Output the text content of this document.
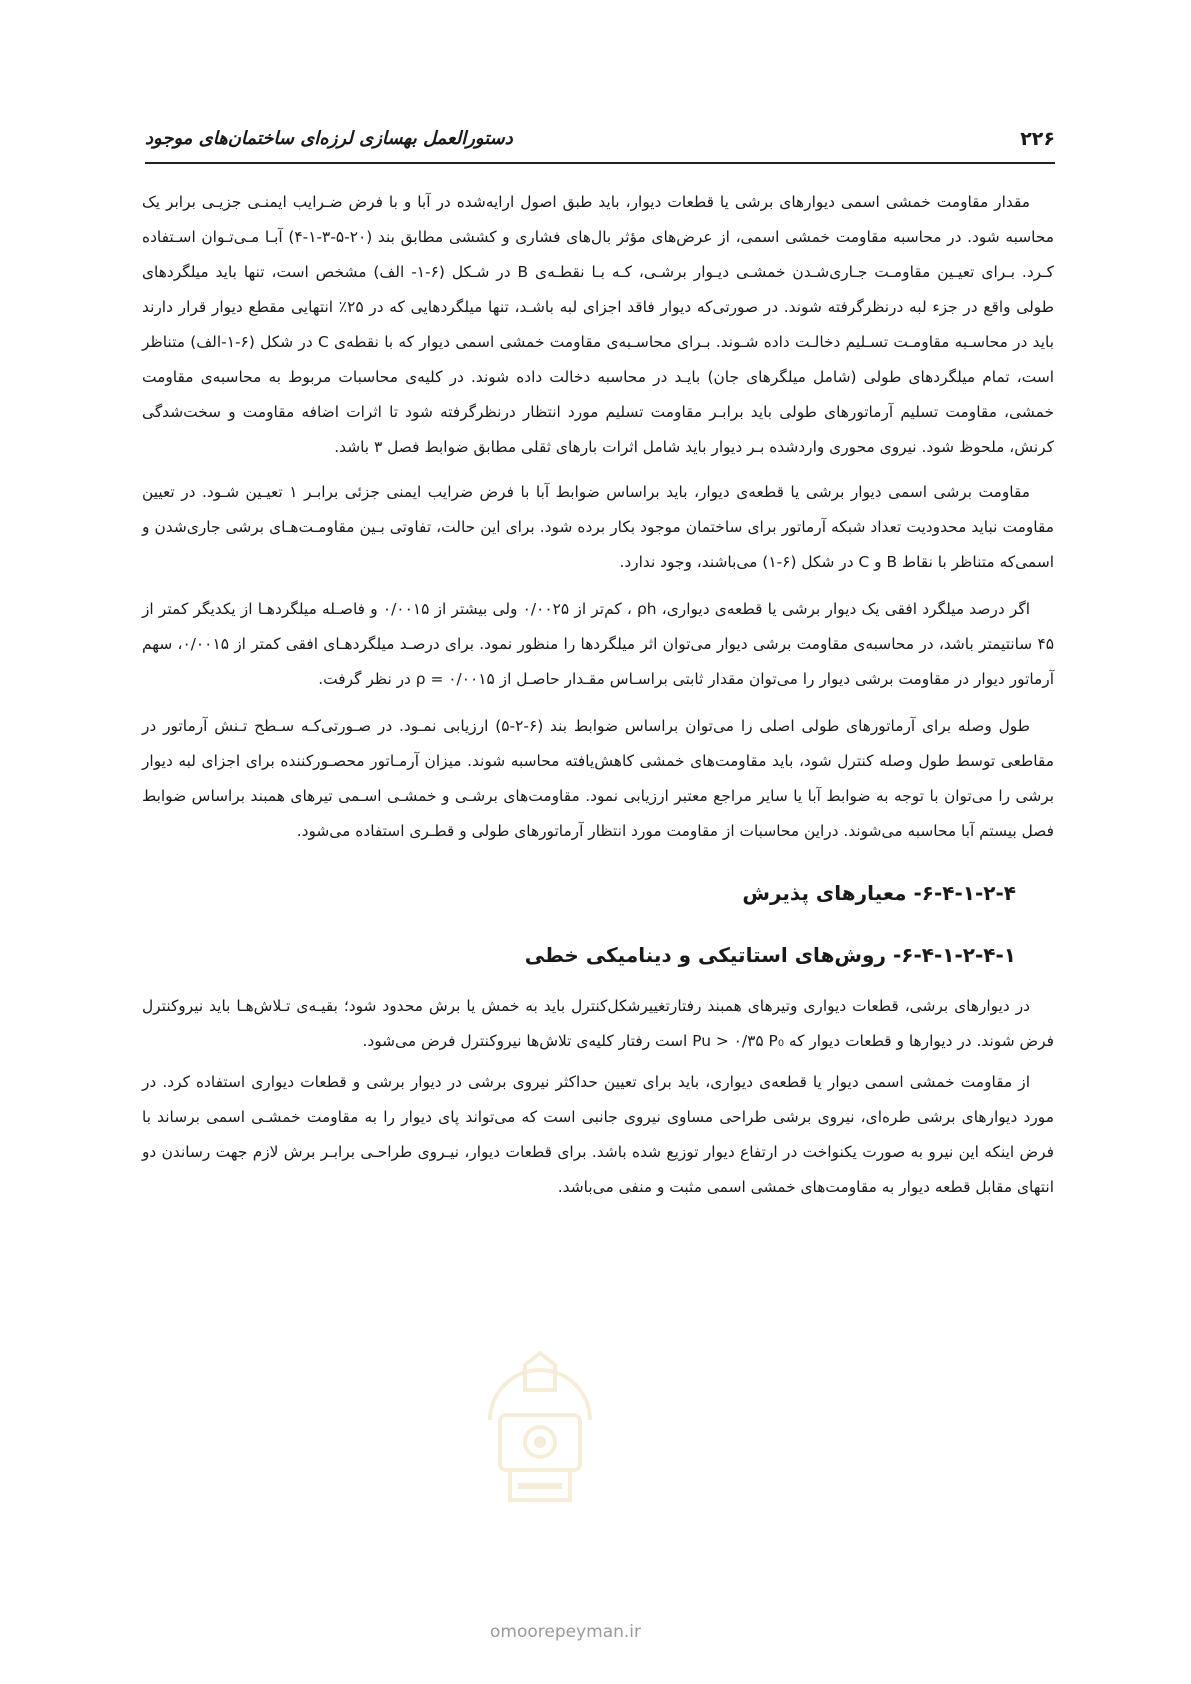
دستورالعمل بهسازی لرزه‌ای ساختمان‌های موجود	۲۲۶

مقدار مقاومت خمشی اسمی دیوارهای برشی یا قطعات دیوار، باید طبق اصول ارایه‌شده در آبا و با فرض ضـرایب ایمنـی جزیـی برابر یک محاسبه شود. در محاسبه مقاومت خمشی اسمی، از عرض‌های مؤثر بال‌های فشاری و کششی مطابق بند (۲۰-۵-۳-۱-۴) آبـا مـی‌تـوان اسـتفاده کـرد. بـرای تعیـین مقاومـت جـاری‌شـدن خمشـی دیـوار برشـی، کـه بـا نقطـه‌ی B در شـکل (۶-۱- الف) مشخص است، تنها باید میلگردهای طولی واقع در جزء لبه درنظرگرفته شوند. در صورتی‌که دیوار فاقد اجزای لبه باشـد، تنها میلگردهایی که در ۲۵٪ انتهایی مقطع دیوار قرار دارند باید در محاسـبه مقاومـت تسـلیم دخالـت داده شـوند. بـرای محاسـبه‌ی مقاومت خمشی اسمی دیوار که با نقطه‌ی C در شکل (۶-۱-الف) متناظر است، تمام میلگردهای طولی (شامل میلگرهای جان) بایـد در محاسبه دخالت داده شوند. در کلیه‌ی محاسبات مربوط به محاسبه‌ی مقاومت خمشی، مقاومت تسلیم آرماتورهای طولی باید برابـر مقاومت تسلیم مورد انتظار درنظرگرفته شود تا اثرات اضافه مقاومت و سخت‌شدگی کرنش، ملحوظ شود. نیروی محوری واردشده بـر دیوار باید شامل اثرات بارهای ثقلی مطابق ضوابط فصل ۳ باشد.

مقاومت برشی اسمی دیوار برشی یا قطعه‌ی دیوار، باید براساس ضوابط آبا با فرض ضرایب ایمنی جزئی برابـر ۱ تعیـین شـود. در تعیین مقاومت نباید محدودیت تعداد شبکه آرماتور برای ساختمان موجود بکار برده شود. برای این حالت، تفاوتی بـین مقاومـت‌هـای برشی جاری‌شدن و اسمی‌که متناظر با نقاط B و C در شکل (۶-۱) می‌باشند، وجود ندارد.

اگر درصد میلگرد افقی یک دیوار برشی یا قطعه‌ی دیواری، ρh ، کم‌تر از ۰/۰۰۲۵ ولی بیشتر از ۰/۰۰۱۵ و فاصـله میلگردهـا از یکدیگر کمتر از ۴۵ سانتیمتر باشد، در محاسبه‌ی مقاومت برشی دیوار می‌توان اثر میلگردها را منظور نمود. برای درصـد میلگردهـای افقی کمتر از ۰/۰۰۱۵، سهم آرماتور دیوار در مقاومت برشی دیوار را می‌توان مقدار ثابتی براسـاس مقـدار حاصـل از ρ = ۰/۰۰۱۵ در نظر گرفت.

طول وصله برای آرماتورهای طولی اصلی را می‌توان براساس ضوابط بند (۶-۲-۵) ارزیابی نمـود. در صـورتی‌کـه سـطح تـنش آرماتور در مقاطعی توسط طول وصله کنترل شود، باید مقاومت‌های خمشی کاهش‌یافته محاسبه شوند. میزان آرمـاتور محصـورکننده برای اجزای لبه دیوار برشی را می‌توان با توجه به ضوابط آبا یا سایر مراجع معتبر ارزیابی نمود. مقاومت‌های برشـی و خمشـی اسـمی تیرهای همبند براساس ضوابط فصل بیستم آبا محاسبه می‌شوند. دراین محاسبات از مقاومت مورد انتظار آرماتورهای طولی و قطـری استفاده می‌شود.

۶-۴-۱-۲-۴- معیارهای پذیرش
۶-۴-۱-۲-۴-۱- روش‌های استاتیکی و دینامیکی خطی

در دیوارهای برشی، قطعات دیواری وتیرهای همبند رفتارتغییرشکل‌کنترل باید به خمش یا برش محدود شود؛ بقیـه‌ی تـلاش‌هـا باید نیروکنترل فرض شوند. در دیوارها و قطعات دیوار که Pu > ۰/۳۵ P₀ است رفتار کلیه‌ی تلاش‌ها نیروکنترل فرض می‌شود.

از مقاومت خمشی اسمی دیوار یا قطعه‌ی دیواری، باید برای تعیین حداکثر نیروی برشی در دیوار برشی و قطعات دیواری استفاده کرد. در مورد دیوارهای برشی طره‌ای، نیروی برشی طراحی مساوی نیروی جانبی است که می‌تواند پای دیوار را به مقاومت خمشـی اسمی برساند با فرض اینکه این نیرو به صورت یکنواخت در ارتفاع دیوار توزیع شده باشد. برای قطعات دیوار، نیـروی طراحـی برابـر برش لازم جهت رساندن دو انتهای مقابل قطعه دیوار به مقاومت‌های خمشی اسمی مثبت و منفی می‌باشد.

omoorepeyman.ir
